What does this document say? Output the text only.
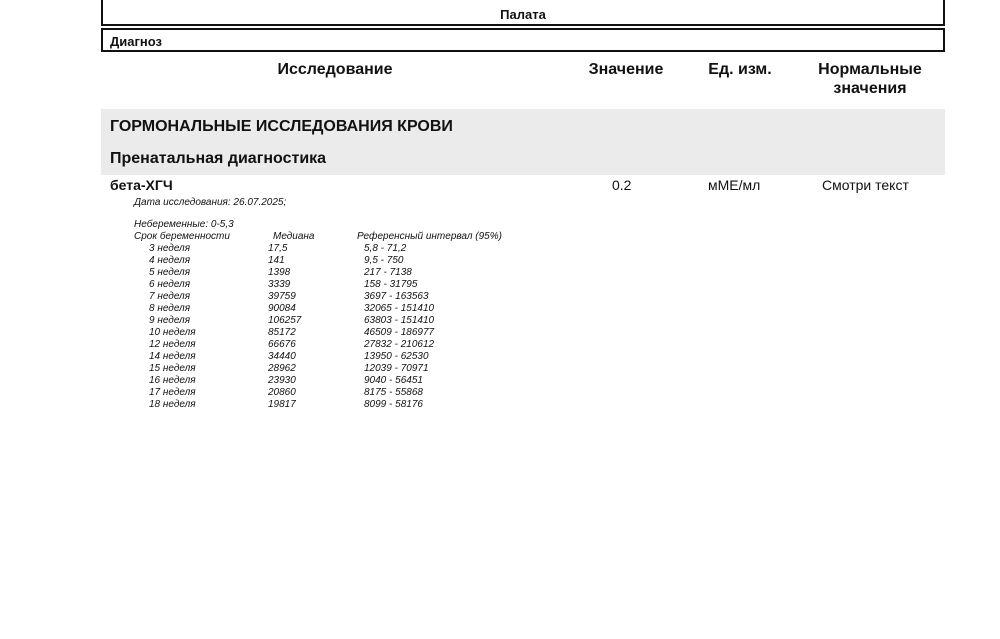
Палата
Диагноз
Исследование	Значение	Ед. изм.	Нормальные значения
ГОРМОНАЛЬНЫЕ ИССЛЕДОВАНИЯ КРОВИ
Пренатальная диагностика
бета-ХГЧ	0.2	мМЕ/мл	Смотри текст
Дата исследования: 26.07.2025;
Небеременные: 0-5,3
Срок беременности	Медиана	Референсный интервал (95%)
3 неделя	17,5	5,8 - 71,2
4 неделя	141	9,5 - 750
5 неделя	1398	217 - 7138
6 неделя	3339	158 - 31795
7 неделя	39759	3697 - 163563
8 неделя	90084	32065 - 151410
9 неделя	106257	63803 - 151410
10 неделя	85172	46509 - 186977
12 неделя	66676	27832 - 210612
14 неделя	34440	13950 - 62530
15 неделя	28962	12039 - 70971
16 неделя	23930	9040 - 56451
17 неделя	20860	8175 - 55868
18 неделя	19817	8099 - 58176
